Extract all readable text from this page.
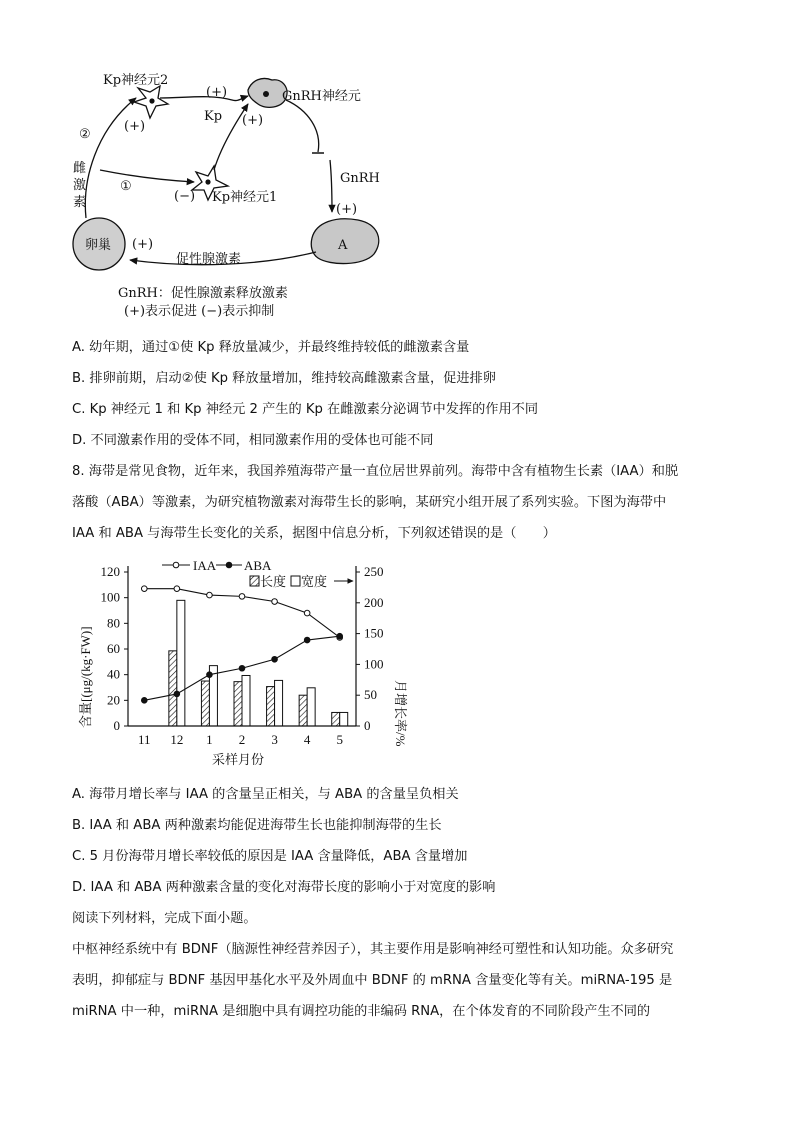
Kp神经元2
(+)
Kp神经元1
(−)
GnRH神经元
(+)
Kp (+)
GnRH
(+)
A
卵巢 (+)
促性腺激素
②
①
雌
激
素
GnRH：促性腺激素释放激素
(+)表示促进 (−)表示抑制
A. 幼年期，通过①使 Kp 释放量减少，并最终维持较低的雌激素含量
B. 排卵前期，启动②使 Kp 释放量增加，维持较高雌激素含量，促进排卵
C. Kp 神经元 1 和 Kp 神经元 2 产生的 Kp 在雌激素分泌调节中发挥的作用不同
D. 不同激素作用的受体不同，相同激素作用的受体也可能不同
8. 海带是常见食物，近年来，我国养殖海带产量一直位居世界前列。海带中含有植物生长素（IAA）和脱
落酸（ABA）等激素，为研究植物激素对海带生长的影响，某研究小组开展了系列实验。下图为海带中
IAA 和 ABA 与海带生长变化的关系，据图中信息分析，下列叙述错误的是（　　）
0
20
40
60
80
100
120
0
50
100
150
200
250
11 12 1 2 3 4 5
IAA ABA
长度 宽度
采样月份
含量[(μg/(kg·FW)]	月增长率/%
A. 海带月增长率与 IAA 的含量呈正相关，与 ABA 的含量呈负相关
B. IAA 和 ABA 两种激素均能促进海带生长也能抑制海带的生长
C. 5 月份海带月增长率较低的原因是 IAA 含量降低，ABA 含量增加
D. IAA 和 ABA 两种激素含量的变化对海带长度的影响小于对宽度的影响
阅读下列材料，完成下面小题。
中枢神经系统中有 BDNF（脑源性神经营养因子），其主要作用是影响神经可塑性和认知功能。众多研究
表明，抑郁症与 BDNF 基因甲基化水平及外周血中 BDNF 的 mRNA 含量变化等有关。miRNA-195 是
miRNA 中一种，miRNA 是细胞中具有调控功能的非编码 RNA，在个体发育的不同阶段产生不同的
